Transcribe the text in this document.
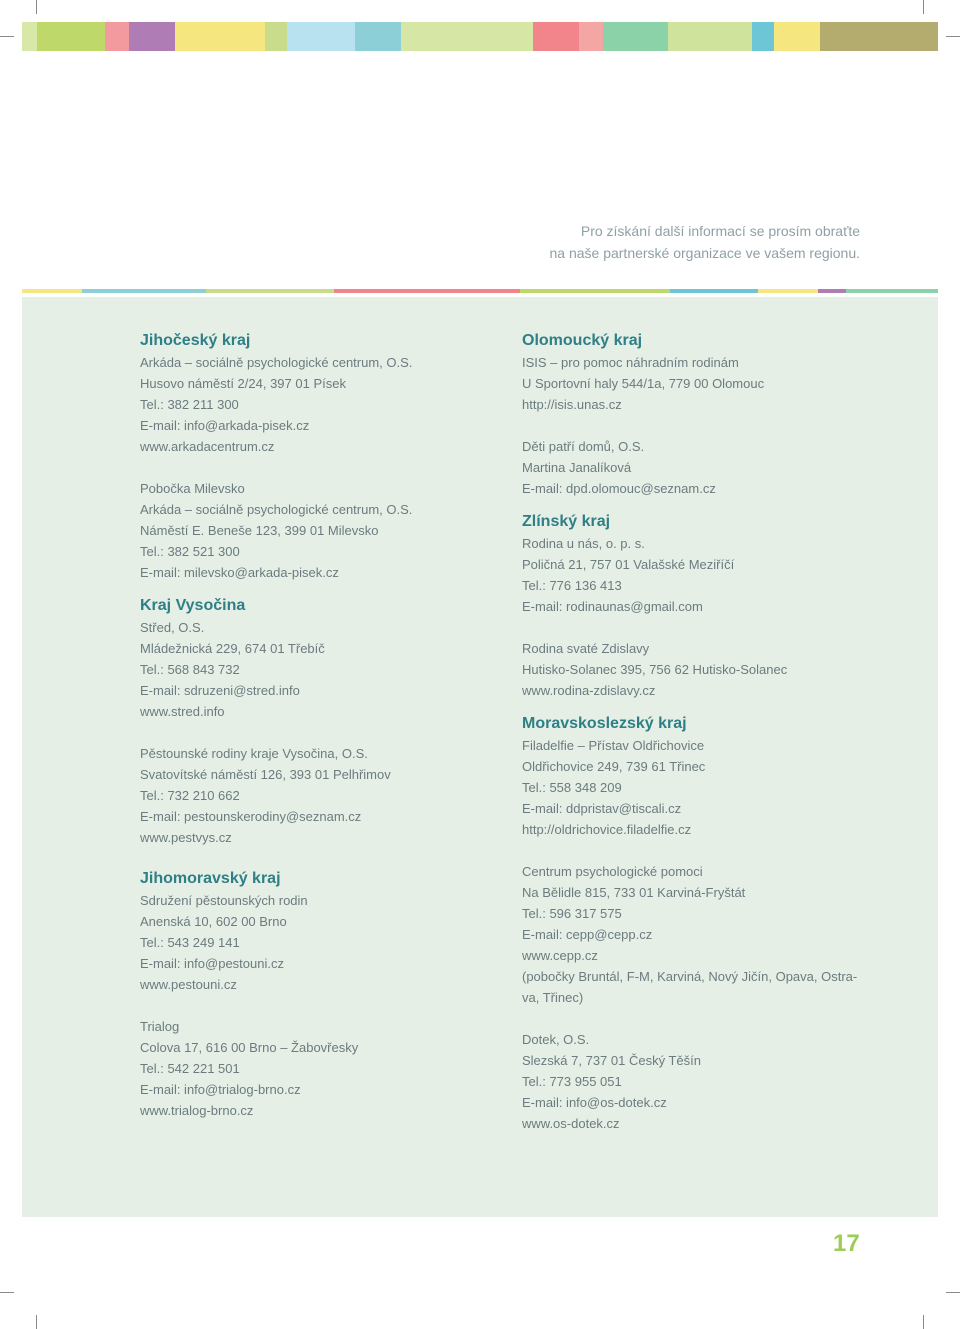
Pro získání další informací se prosím obraťte
na naše partnerské organizace ve vašem regionu.
Jihočeský kraj
Arkáda – sociálně psychologické centrum, O.S.
Husovo náměstí 2/24, 397 01 Písek
Tel.: 382 211 300
E-mail: info@arkada-pisek.cz
www.arkadacentrum.cz
Pobočka Milevsko
Arkáda – sociálně psychologické centrum, O.S.
Náměstí E. Beneše 123, 399 01 Milevsko
Tel.: 382 521 300
E-mail: milevsko@arkada-pisek.cz
Kraj Vysočina
Střed, O.S.
Mládežnická 229, 674 01 Třebíč
Tel.: 568 843 732
E-mail: sdruzeni@stred.info
www.stred.info
Pěstounské rodiny kraje Vysočina, O.S.
Svatovítské náměstí 126, 393 01 Pelhřimov
Tel.: 732 210 662
E-mail: pestounskerodiny@seznam.cz
www.pestvys.cz
Jihomoravský kraj
Sdružení pěstounských rodin
Anenská 10, 602 00 Brno
Tel.: 543 249 141
E-mail: info@pestouni.cz
www.pestouni.cz
Trialog
Colova 17, 616 00 Brno – Žabovřesky
Tel.: 542 221 501
E-mail: info@trialog-brno.cz
www.trialog-brno.cz
Olomoucký kraj
ISIS – pro pomoc náhradním rodinám
U Sportovní haly 544/1a, 779 00 Olomouc
http://isis.unas.cz
Děti patří domů, O.S.
Martina Janalíková
E-mail: dpd.olomouc@seznam.cz
Zlínský kraj
Rodina u nás, o. p. s.
Poličná 21, 757 01 Valašské Meziříčí
Tel.: 776 136 413
E-mail: rodinaunas@gmail.com
Rodina svaté Zdislavy
Hutisko-Solanec 395, 756 62 Hutisko-Solanec
www.rodina-zdislavy.cz
Moravskoslezský kraj
Filadelfie – Přístav Oldřichovice
Oldřichovice 249, 739 61 Třinec
Tel.: 558 348 209
E-mail: ddpristav@tiscali.cz
http://oldrichovice.filadelfie.cz
Centrum psychologické pomoci
Na Bělidle 815, 733 01 Karviná-Fryštát
Tel.: 596 317 575
E-mail: cepp@cepp.cz
www.cepp.cz
(pobočky Bruntál, F-M, Karviná, Nový Jičín, Opava, Ostra-
va, Třinec)
Dotek, O.S.
Slezská 7, 737 01 Český Těšín
Tel.: 773 955 051
E-mail: info@os-dotek.cz
www.os-dotek.cz
17
